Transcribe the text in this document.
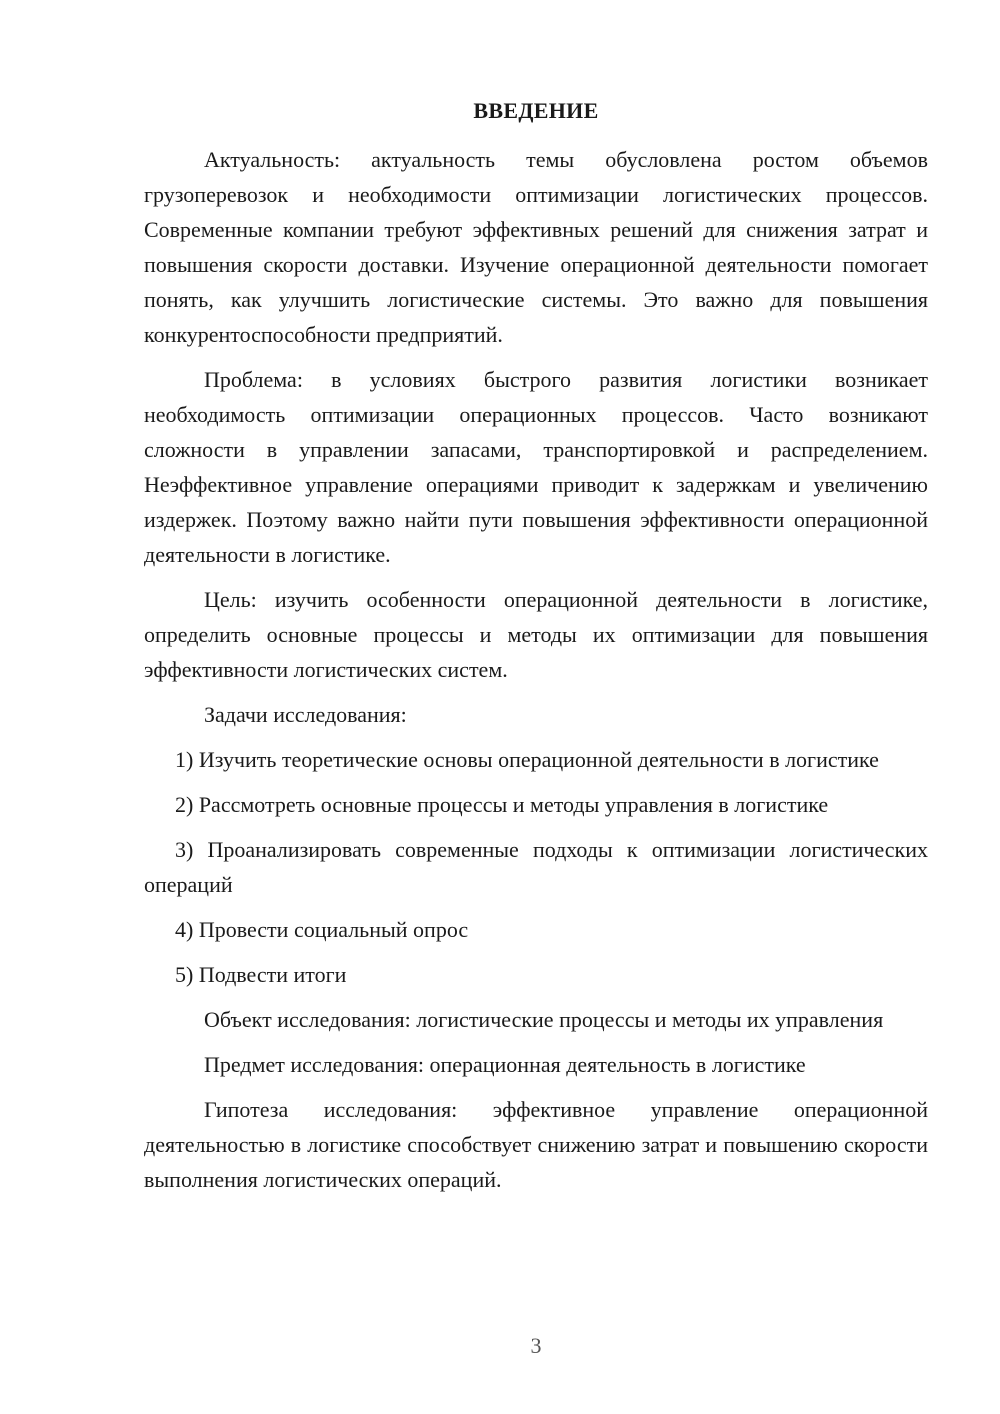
ВВЕДЕНИЕ

Актуальность: актуальность темы обусловлена ростом объемов грузоперевозок и необходимости оптимизации логистических процессов. Современные компании требуют эффективных решений для снижения затрат и повышения скорости доставки. Изучение операционной деятельности помогает понять, как улучшить логистические системы. Это важно для повышения конкурентоспособности предприятий.

Проблема: в условиях быстрого развития логистики возникает необходимость оптимизации операционных процессов. Часто возникают сложности в управлении запасами, транспортировкой и распределением. Неэффективное управление операциями приводит к задержкам и увеличению издержек. Поэтому важно найти пути повышения эффективности операционной деятельности в логистике.

Цель: изучить особенности операционной деятельности в логистике, определить основные процессы и методы их оптимизации для повышения эффективности логистических систем.

Задачи исследования:

1) Изучить теоретические основы операционной деятельности в логистике

2) Рассмотреть основные процессы и методы управления в логистике

3) Проанализировать современные подходы к оптимизации логистических операций

4) Провести социальный опрос

5) Подвести итоги

Объект исследования: логистические процессы и методы их управления

Предмет исследования: операционная деятельность в логистике

Гипотеза исследования: эффективное управление операционной деятельностью в логистике способствует снижению затрат и повышению скорости выполнения логистических операций.

3
